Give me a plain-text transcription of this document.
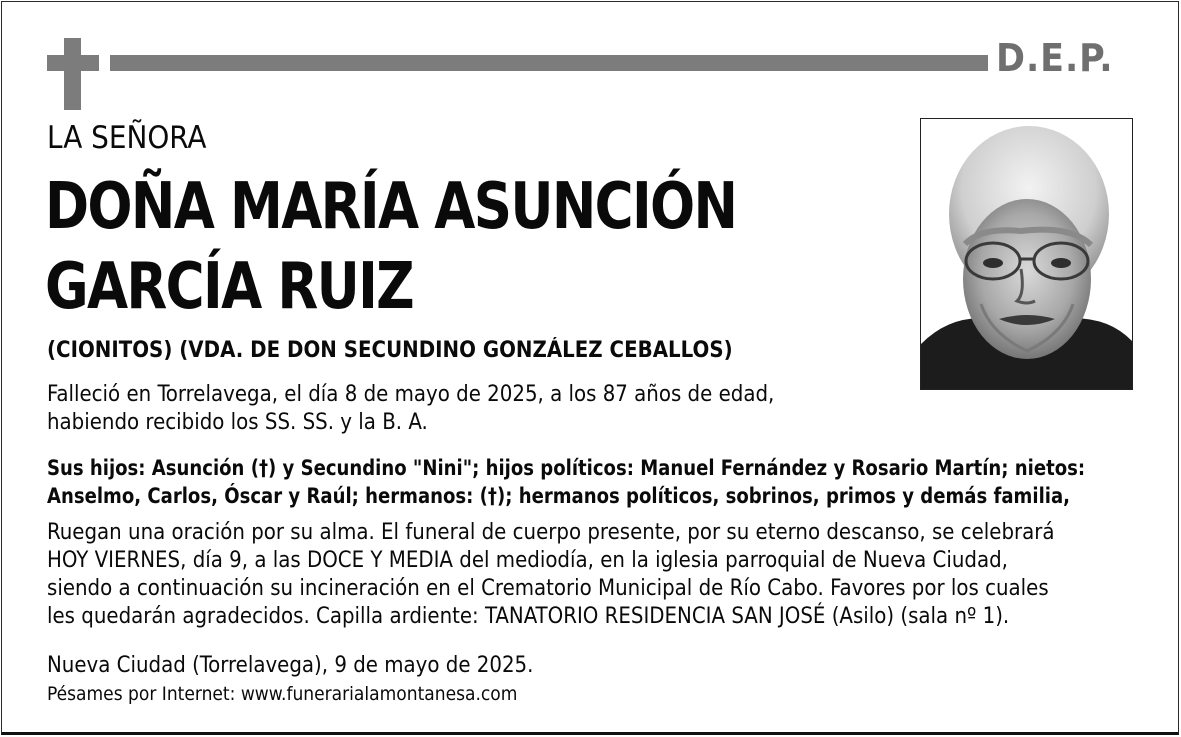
D.E.P.
LA SEÑORA
DOÑA MARÍA ASUNCIÓN
GARCÍA RUIZ
(CIONITOS) (VDA. DE DON SECUNDINO GONZÁLEZ CEBALLOS)
Falleció en Torrelavega, el día 8 de mayo de 2025, a los 87 años de edad,
habiendo recibido los SS. SS. y la B. A.
Sus hijos: Asunción (†) y Secundino "Nini"; hijos políticos: Manuel Fernández y Rosario Martín; nietos:
Anselmo, Carlos, Óscar y Raúl; hermanos: (†); hermanos políticos, sobrinos, primos y demás familia,
Ruegan una oración por su alma. El funeral de cuerpo presente, por su eterno descanso, se celebrará
HOY VIERNES, día 9, a las DOCE Y MEDIA del mediodía, en la iglesia parroquial de Nueva Ciudad,
siendo a continuación su incineración en el Crematorio Municipal de Río Cabo. Favores por los cuales
les quedarán agradecidos. Capilla ardiente: TANATORIO RESIDENCIA SAN JOSÉ (Asilo) (sala nº 1).
Nueva Ciudad (Torrelavega), 9 de mayo de 2025.
Pésames por Internet: www.funerarialamontanesa.com
